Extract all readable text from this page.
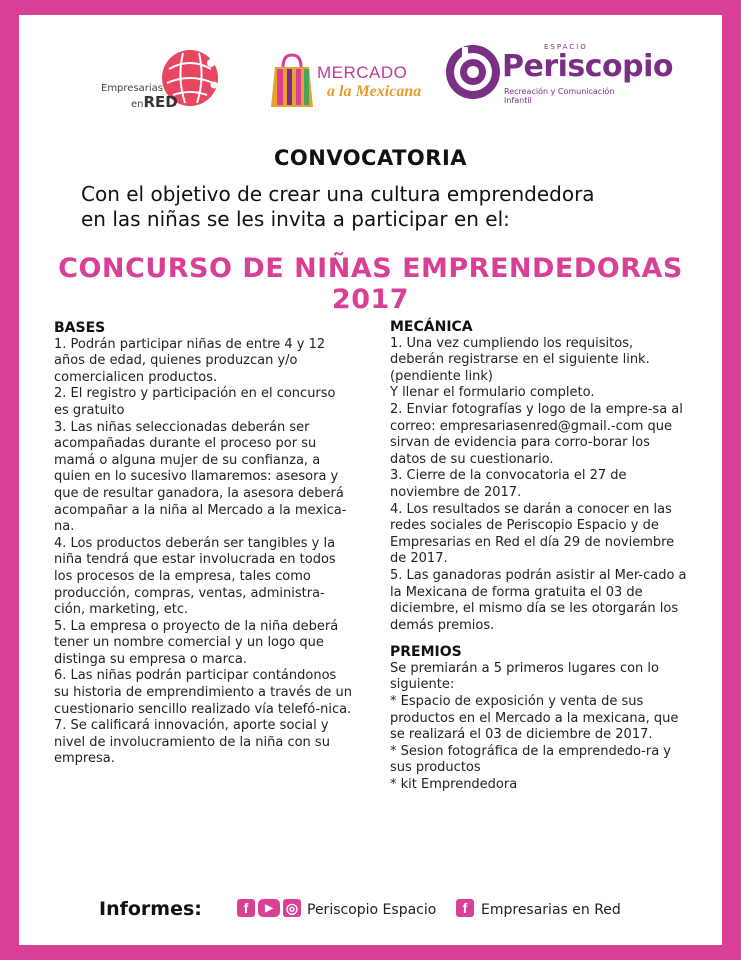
Empresarias
enRED
MERCADO
a la Mexicana
ESPACIO
Periscopio
Recreación y Comunicación Infantil
CONVOCATORIA
Con el objetivo de crear una cultura emprendedora
en las niñas se les invita a participar en el:
CONCURSO DE NIÑAS EMPRENDEDORAS 2017

BASES

1. Podrán participar niñas de entre 4 y 12 años de edad, quienes produzcan y/o comercialicen productos.

2. El registro y participación en el concurso es gratuito

3. Las niñas seleccionadas deberán ser acompañadas durante el proceso por su mamá o alguna mujer de su confianza, a quien en lo sucesivo llamaremos: asesora y que de resultar ganadora, la asesora deberá acompañar a la niña al Mercado a la mexica-na.

4. Los productos deberán ser tangibles y la niña tendrá que estar involucrada en todos los procesos de la empresa, tales como producción, compras, ventas, administra-ción, marketing, etc.

5. La empresa o proyecto de la niña deberá tener un nombre comercial y un logo que distinga su empresa o marca.

6. Las niñas podrán participar contándonos su historia de emprendimiento a través de un cuestionario sencillo realizado vía telefó-nica.

7. Se calificará innovación, aporte social y nivel de involucramiento de la niña con su empresa.

MECÁNICA

1. Una vez cumpliendo los requisitos, deberán registrarse en el siguiente link. (pendiente link)

Y llenar el formulario completo.

2. Enviar fotografías y logo de la empre-sa al correo: empresariasenred@gmail.-com que sirvan de evidencia para corro-borar los datos de su cuestionario.

3. Cierre de la convocatoria el 27 de noviembre de 2017.

4. Los resultados se darán a conocer en las redes sociales de Periscopio Espacio y de Empresarias en Red el día 29 de noviembre de 2017.

5. Las ganadoras podrán asistir al Mer-cado a la Mexicana de forma gratuita el 03 de diciembre, el mismo día se les otorgarán los demás premios.

PREMIOS

Se premiarán a 5 primeros lugares con lo siguiente:

* Espacio de exposición y venta de sus productos en el Mercado a la mexicana, que se realizará el 03 de diciembre de 2017.

* Sesion fotográfica de la emprendedo-ra y sus productos

* kit Emprendedora

Informes:	f ▶ ◎ Periscopio Espacio	f Empresarias en Red
